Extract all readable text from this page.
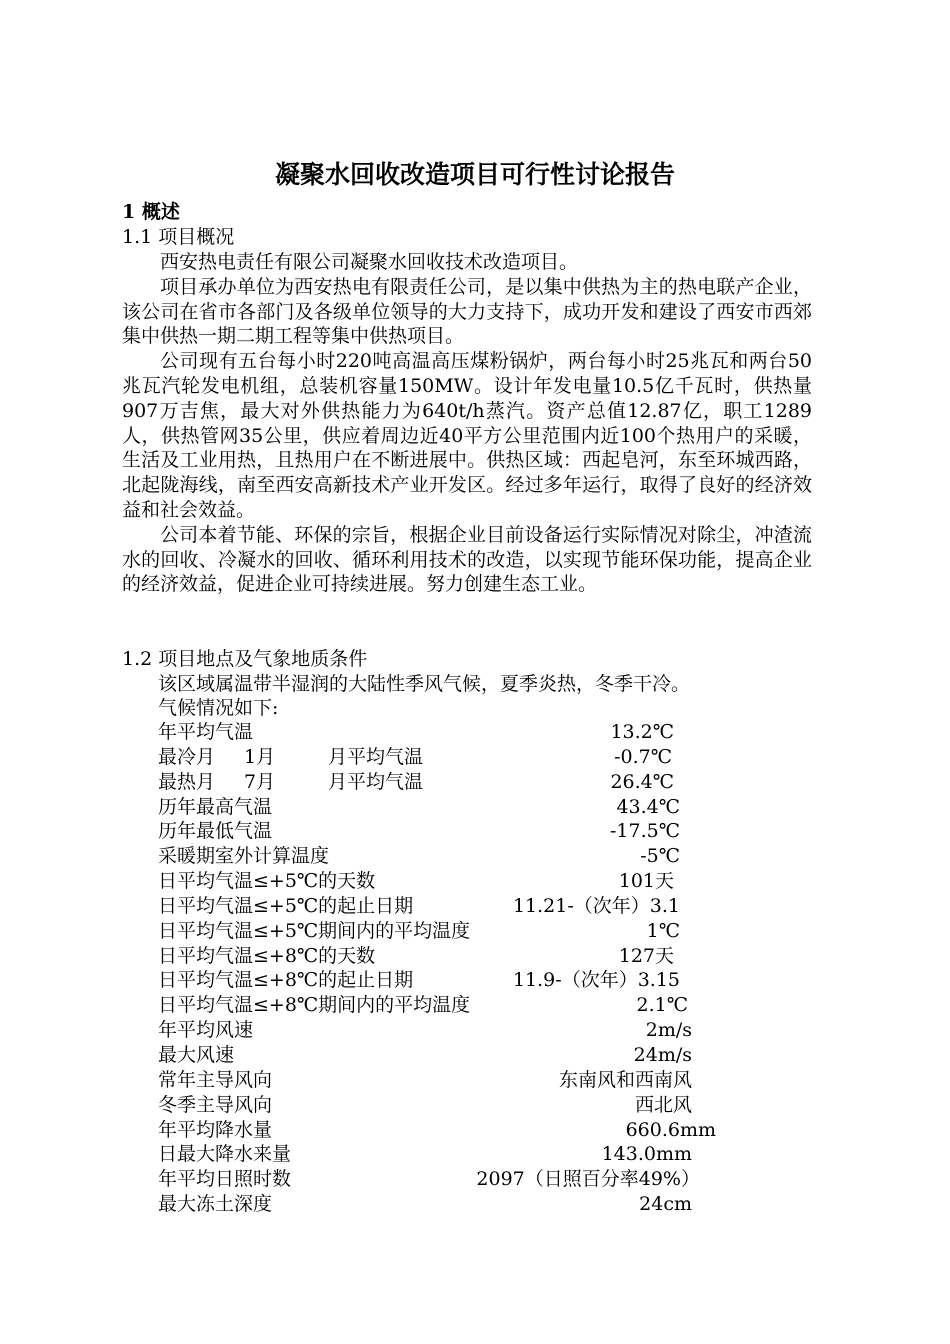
凝聚水回收改造项目可行性讨论报告
1 概述
1.1 项目概况

西安热电责任有限公司凝聚水回收技术改造项目。

项目承办单位为西安热电有限责任公司，是以集中供热为主的热电联产企业，该公司在省市各部门及各级单位领导的大力支持下，成功开发和建设了西安市西郊集中供热一期二期工程等集中供热项目。

公司现有五台每小时220吨高温高压煤粉锅炉，两台每小时25兆瓦和两台50兆瓦汽轮发电机组，总装机容量150MW。设计年发电量10.5亿千瓦时，供热量907万吉焦，最大对外供热能力为640t/h蒸汽。资产总值12.87亿，职工1289人，供热管网35公里，供应着周边近40平方公里范围内近100个热用户的采暖，生活及工业用热，且热用户在不断进展中。供热区域：西起皂河，东至环城西路，北起陇海线，南至西安高新技术产业开发区。经过多年运行，取得了良好的经济效益和社会效益。

公司本着节能、环保的宗旨，根据企业目前设备运行实际情况对除尘，冲渣流水的回收、冷凝水的回收、循环利用技术的改造，以实现节能环保功能，提高企业的经济效益，促进企业可持续进展。努力创建生态工业。

1.2 项目地点及气象地质条件
该区域属温带半湿润的大陆性季风气候，夏季炎热，冬季干冷。
气候情况如下:
年平均气温	13.2℃
最冷月 1月	月平均气温	-0.7℃
最热月 7月	月平均气温	26.4℃
历年最高气温	43.4℃
历年最低气温	-17.5℃
采暖期室外计算温度	-5℃
日平均气温≤+5℃的天数	101天
日平均气温≤+5℃的起止日期	11.21-（次年）3.1
日平均气温≤+5℃期间内的平均温度	1℃
日平均气温≤+8℃的天数	127天
日平均气温≤+8℃的起止日期	11.9-（次年）3.15
日平均气温≤+8℃期间内的平均温度	2.1℃
年平均风速	2m/s
最大风速	24m/s
常年主导风向	东南风和西南风
冬季主导风向	西北风
年平均降水量	660.6mm
日最大降水来量	143.0mm
年平均日照时数	2097（日照百分率49%）
最大冻土深度	24cm
